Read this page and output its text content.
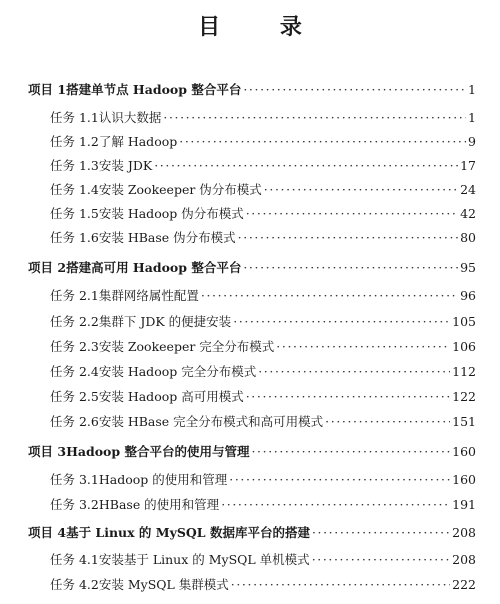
目 录
项目 1 搭建单节点 Hadoop 整合平台 ·····	1
任务 1.1 认识大数据 ·····	1
任务 1.2 了解 Hadoop ·····	9
任务 1.3 安装 JDK ·····	17
任务 1.4 安装 Zookeeper 伪分布模式 ·····	24
任务 1.5 安装 Hadoop 伪分布模式 ·····	42
任务 1.6 安装 HBase 伪分布模式 ·····	80
项目 2 搭建高可用 Hadoop 整合平台 ·····	95
任务 2.1 集群网络属性配置 ·····	96
任务 2.2 集群下 JDK 的便捷安装 ·····	105
任务 2.3 安装 Zookeeper 完全分布模式 ·····	106
任务 2.4 安装 Hadoop 完全分布模式 ·····	112
任务 2.5 安装 Hadoop 高可用模式 ·····	122
任务 2.6 安装 HBase 完全分布模式和高可用模式 ·····	151
项目 3 Hadoop 整合平台的使用与管理 ·····	160
任务 3.1 Hadoop 的使用和管理 ·····	160
任务 3.2 HBase 的使用和管理 ·····	191
项目 4 基于 Linux 的 MySQL 数据库平台的搭建 ·····	208
任务 4.1 安装基于 Linux 的 MySQL 单机模式 ·····	208
任务 4.2 安装 MySQL 集群模式 ·····	222
